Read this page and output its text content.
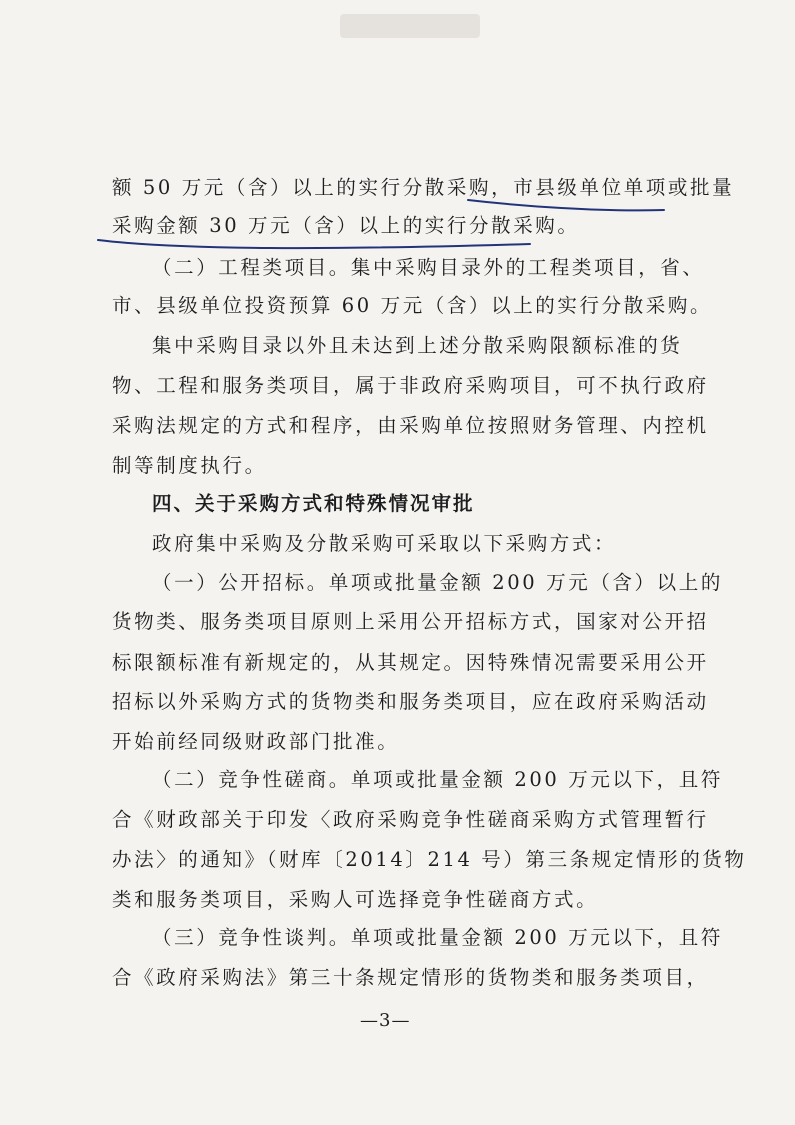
额 50 万元（含）以上的实行分散采购，市县级单位单项或批量
采购金额 30 万元（含）以上的实行分散采购。
（二）工程类项目。集中采购目录外的工程类项目，省、
市、县级单位投资预算 60 万元（含）以上的实行分散采购。
集中采购目录以外且未达到上述分散采购限额标准的货
物、工程和服务类项目，属于非政府采购项目，可不执行政府
采购法规定的方式和程序，由采购单位按照财务管理、内控机
制等制度执行。
四、关于采购方式和特殊情况审批
政府集中采购及分散采购可采取以下采购方式：
（一）公开招标。单项或批量金额 200 万元（含）以上的
货物类、服务类项目原则上采用公开招标方式，国家对公开招
标限额标准有新规定的，从其规定。因特殊情况需要采用公开
招标以外采购方式的货物类和服务类项目，应在政府采购活动
开始前经同级财政部门批准。
（二）竞争性磋商。单项或批量金额 200 万元以下，且符
合《财政部关于印发〈政府采购竞争性磋商采购方式管理暂行
办法〉的通知》（财库〔2014〕214 号）第三条规定情形的货物
类和服务类项目，采购人可选择竞争性磋商方式。
（三）竞争性谈判。单项或批量金额 200 万元以下，且符
合《政府采购法》第三十条规定情形的货物类和服务类项目，
—3—
